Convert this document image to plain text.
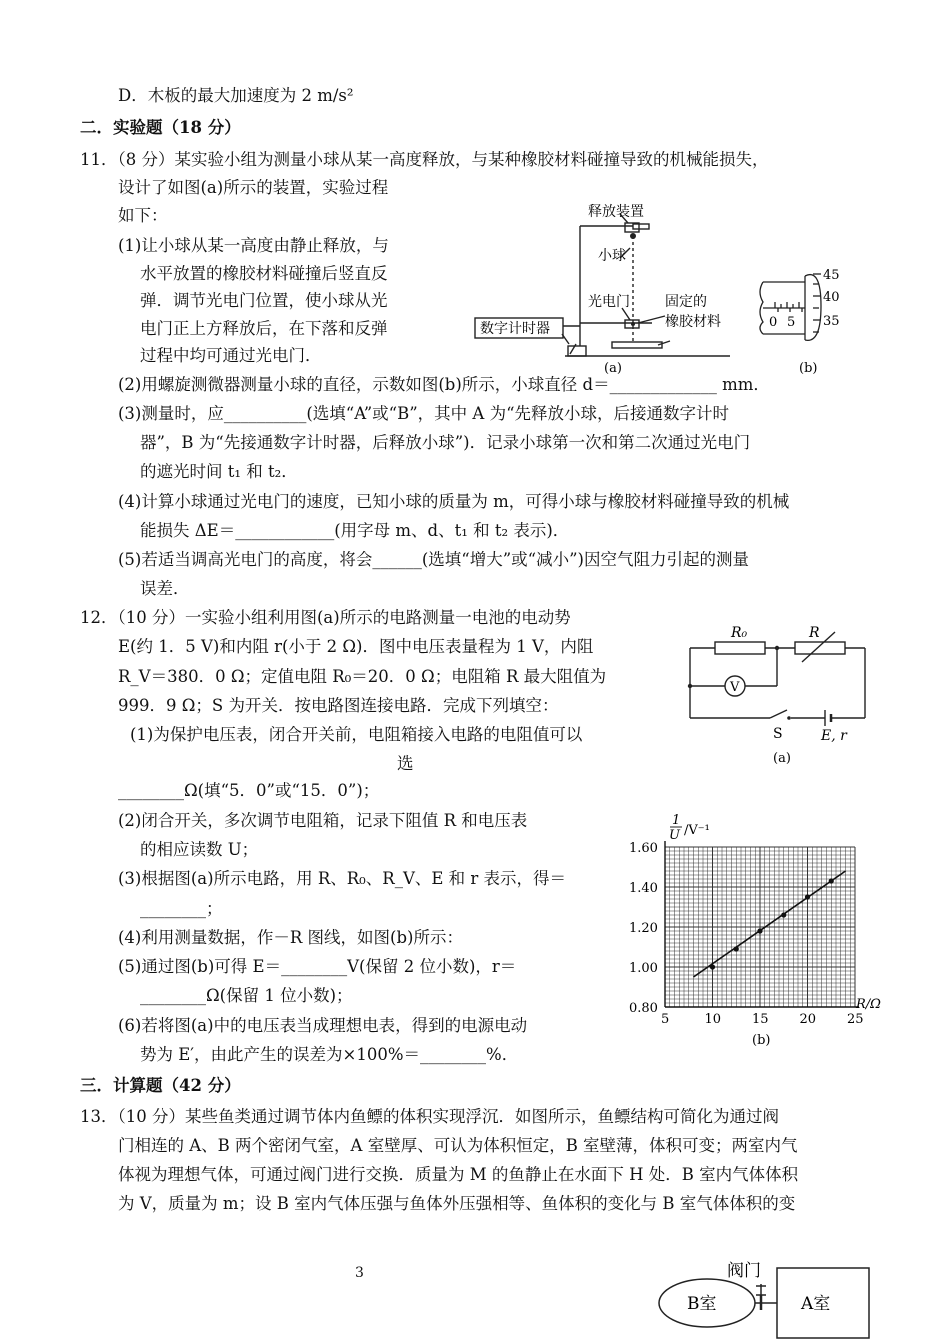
D．木板的最大加速度为 2 m/s²
二．实验题（18 分）
11．（8 分）某实验小组为测量小球从某一高度释放，与某种橡胶材料碰撞导致的机械能损失，
设计了如图(a)所示的装置，实验过程
如下：
(1)让小球从某一高度由静止释放，与
水平放置的橡胶材料碰撞后竖直反
弹．调节光电门位置，使小球从光
电门正上方释放后，在下落和反弹
过程中均可通过光电门．
(2)用螺旋测微器测量小球的直径，示数如图(b)所示，小球直径 d＝_____________ mm．
(3)测量时，应__________(选填“A”或“B”，其中 A 为“先释放小球，后接通数字计时
器”，B 为“先接通数字计时器，后释放小球”)．记录小球第一次和第二次通过光电门
的遮光时间 t₁ 和 t₂．
(4)计算小球通过光电门的速度，已知小球的质量为 m，可得小球与橡胶材料碰撞导致的机械
能损失 ΔE＝____________(用字母 m、d、t₁ 和 t₂ 表示)．
(5)若适当调高光电门的高度，将会______(选填“增大”或“减小”)因空气阻力引起的测量
误差．
12．（10 分）一实验小组利用图(a)所示的电路测量一电池的电动势
E(约 1．5 V)和内阻 r(小于 2 Ω)．图中电压表量程为 1 V，内阻
R_V＝380．0 Ω；定值电阻 R₀＝20．0 Ω；电阻箱 R 最大阻值为
999．9 Ω；S 为开关．按电路图连接电路．完成下列填空：
(1)为保护电压表，闭合开关前，电阻箱接入电路的电阻值可以
选
________Ω(填“5．0”或“15．0”)；
(2)闭合开关，多次调节电阻箱，记录下阻值 R 和电压表
的相应读数 U；
(3)根据图(a)所示电路，用 R、R₀、R_V、E 和 r 表示，得＝
________；
(4)利用测量数据，作－R 图线，如图(b)所示：
(5)通过图(b)可得 E＝________V(保留 2 位小数)，r＝
________Ω(保留 1 位小数)；
(6)若将图(a)中的电压表当成理想电表，得到的电源电动
势为 E′，由此产生的误差为×100%＝________%．
三．计算题（42 分）
13．（10 分）某些鱼类通过调节体内鱼鳔的体积实现浮沉．如图所示，鱼鳔结构可简化为通过阀
门相连的 A、B 两个密闭气室，A 室壁厚、可认为体积恒定，B 室壁薄，体积可变；两室内气
体视为理想气体，可通过阀门进行交换．质量为 M 的鱼静止在水面下 H 处．B 室内气体体积
为 V，质量为 m；设 B 室内气体压强与鱼体外压强相等、鱼体积的变化与 B 室气体体积的变
释放装置
小球
光电门
数字计时器
固定的
橡胶材料
(a)
45
40
35
0 5
(b)
R₀	R
V
S	E, r
(a)
1.60
1.40
1.20
1.00
0.80
5	10 15 20 25
1
U /V⁻¹
R/Ω
(b)
阀门
B室	A室
3
